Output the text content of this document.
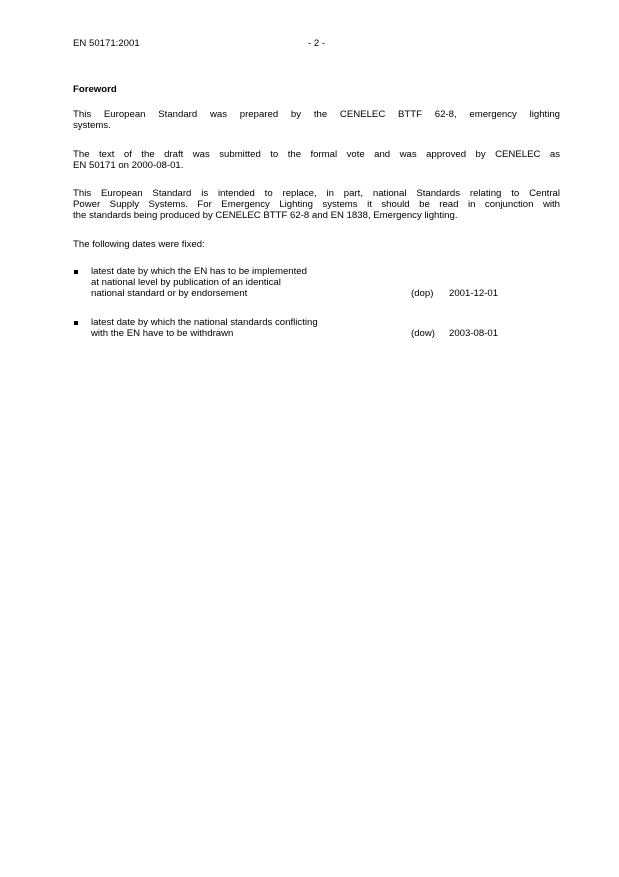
EN 50171:2001	- 2 -
Foreword
This European Standard was prepared by the CENELEC BTTF 62-8, emergency lighting
systems.
The text of the draft was submitted to the formal vote and was approved by CENELEC as
EN 50171 on 2000-08-01.
This European Standard is intended to replace, in part, national Standards relating to Central
Power Supply Systems. For Emergency Lighting systems it should be read in conjunction with
the standards being produced by CENELEC BTTF 62-8 and EN 1838, Emergency lighting.
The following dates were fixed:
latest date by which the EN has to be implemented
at national level by publication of an identical
national standard or by endorsement	(dop) 2001-12-01
latest date by which the national standards conflicting
with the EN have to be withdrawn	(dow) 2003-08-01
